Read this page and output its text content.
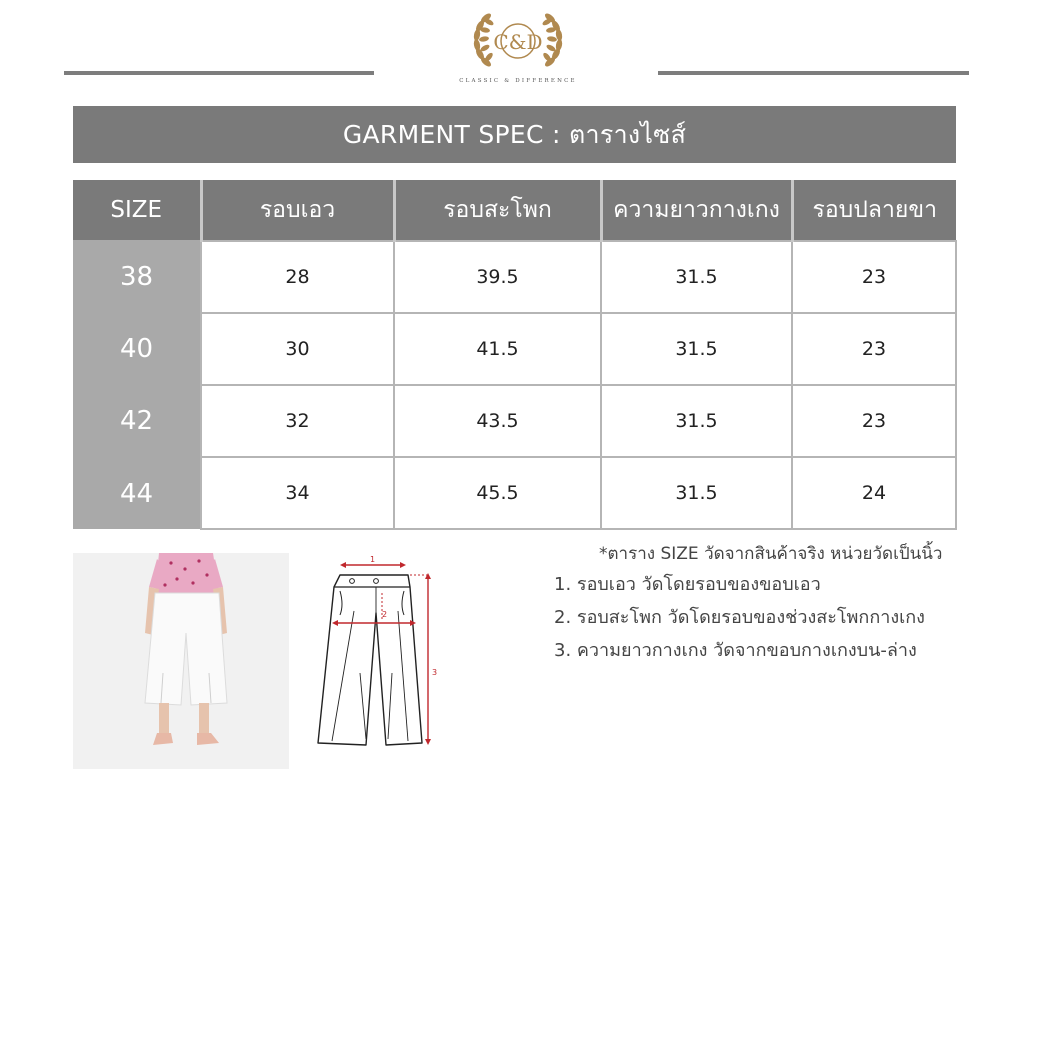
C&D
CLASSIC & DIFFERENCE
GARMENT SPEC : ตารางไซส์
SIZE	รอบเอว	รอบสะโพก	ความยาวกางเกง	รอบปลายขา
38	28	39.5	31.5	23
40	30	41.5	31.5	23
42	32	43.5	31.5	23
44	34	45.5	31.5	24
1
2
3
*ตาราง SIZE วัดจากสินค้าจริง หน่วยวัดเป็นนิ้ว
1. รอบเอว วัดโดยรอบของขอบเอว
2. รอบสะโพก วัดโดยรอบของช่วงสะโพกกางเกง
3. ความยาวกางเกง วัดจากขอบกางเกงบน-ล่าง
